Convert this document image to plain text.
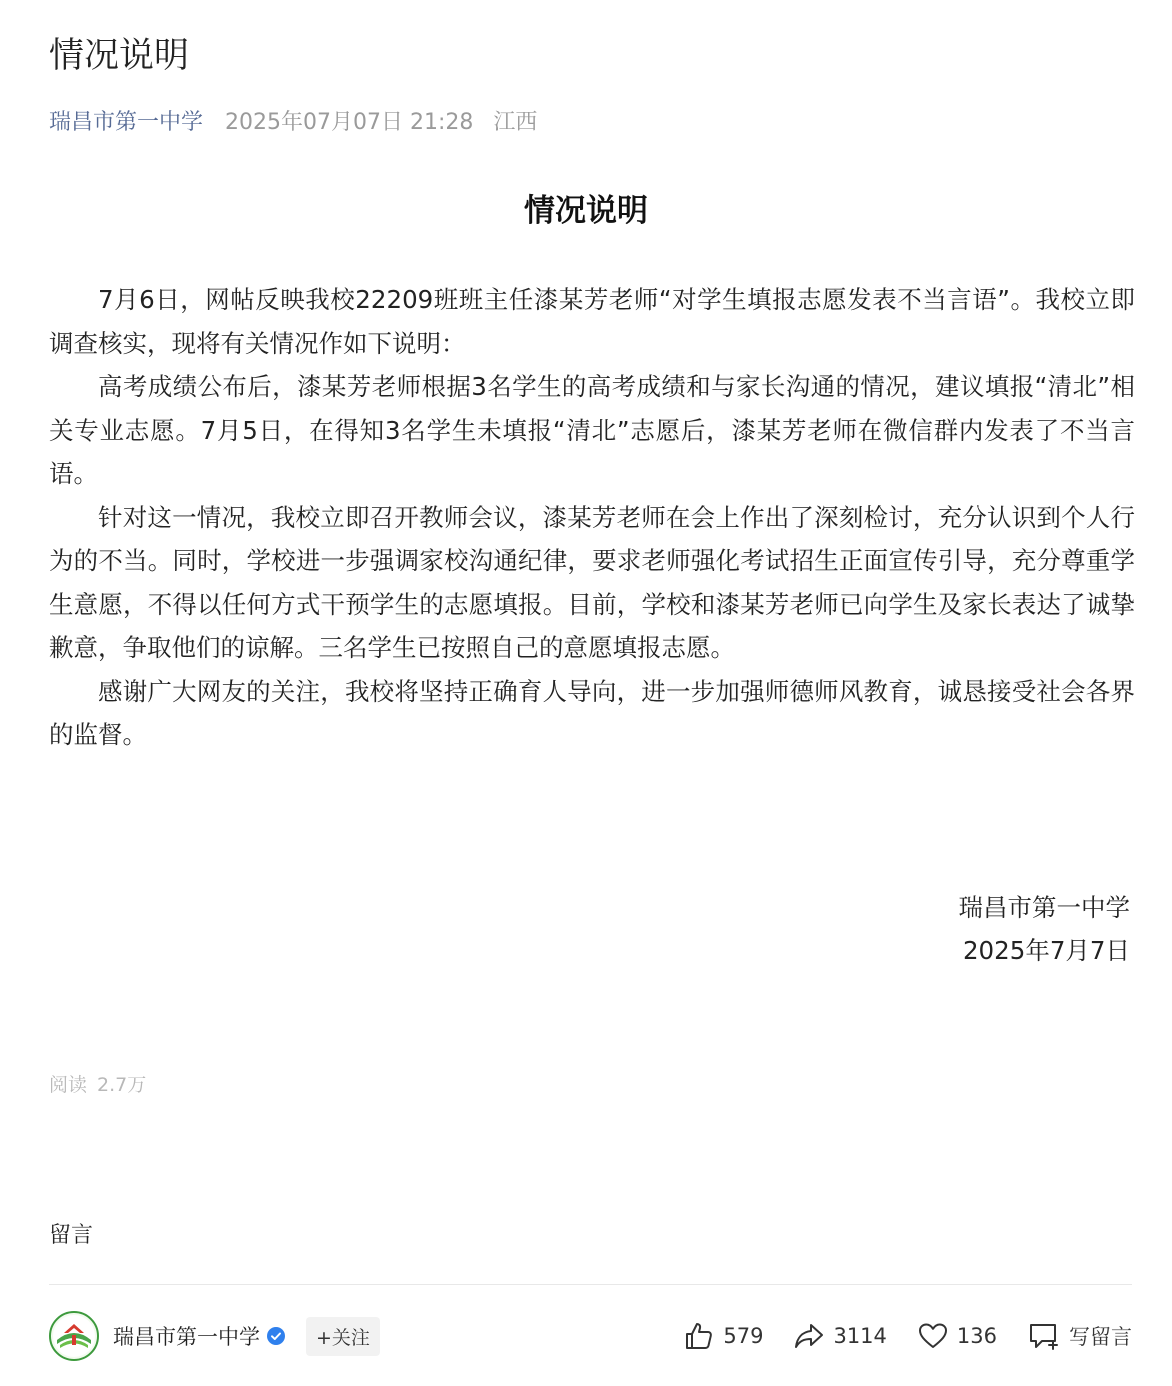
情况说明
瑞昌市第一中学 2025年07月07日 21:28 江西
情况说明

7月6日，网帖反映我校22209班班主任漆某芳老师“对学生填报志愿发表不当言语”。我校立即调查核实，现将有关情况作如下说明：

高考成绩公布后，漆某芳老师根据3名学生的高考成绩和与家长沟通的情况，建议填报“清北”相关专业志愿。7月5日，在得知3名学生未填报“清北”志愿后，漆某芳老师在微信群内发表了不当言语。

针对这一情况，我校立即召开教师会议，漆某芳老师在会上作出了深刻检讨，充分认识到个人行为的不当。同时，学校进一步强调家校沟通纪律，要求老师强化考试招生正面宣传引导，充分尊重学生意愿，不得以任何方式干预学生的志愿填报。目前，学校和漆某芳老师已向学生及家长表达了诚挚歉意，争取他们的谅解。三名学生已按照自己的意愿填报志愿。

感谢广大网友的关注，我校将坚持正确育人导向，进一步加强师德师风教育，诚恳接受社会各界的监督。

瑞昌市第一中学
2025年7月7日
阅读 2.7万
留言
瑞昌市第一中学	+关注	579	3114	136	写留言
